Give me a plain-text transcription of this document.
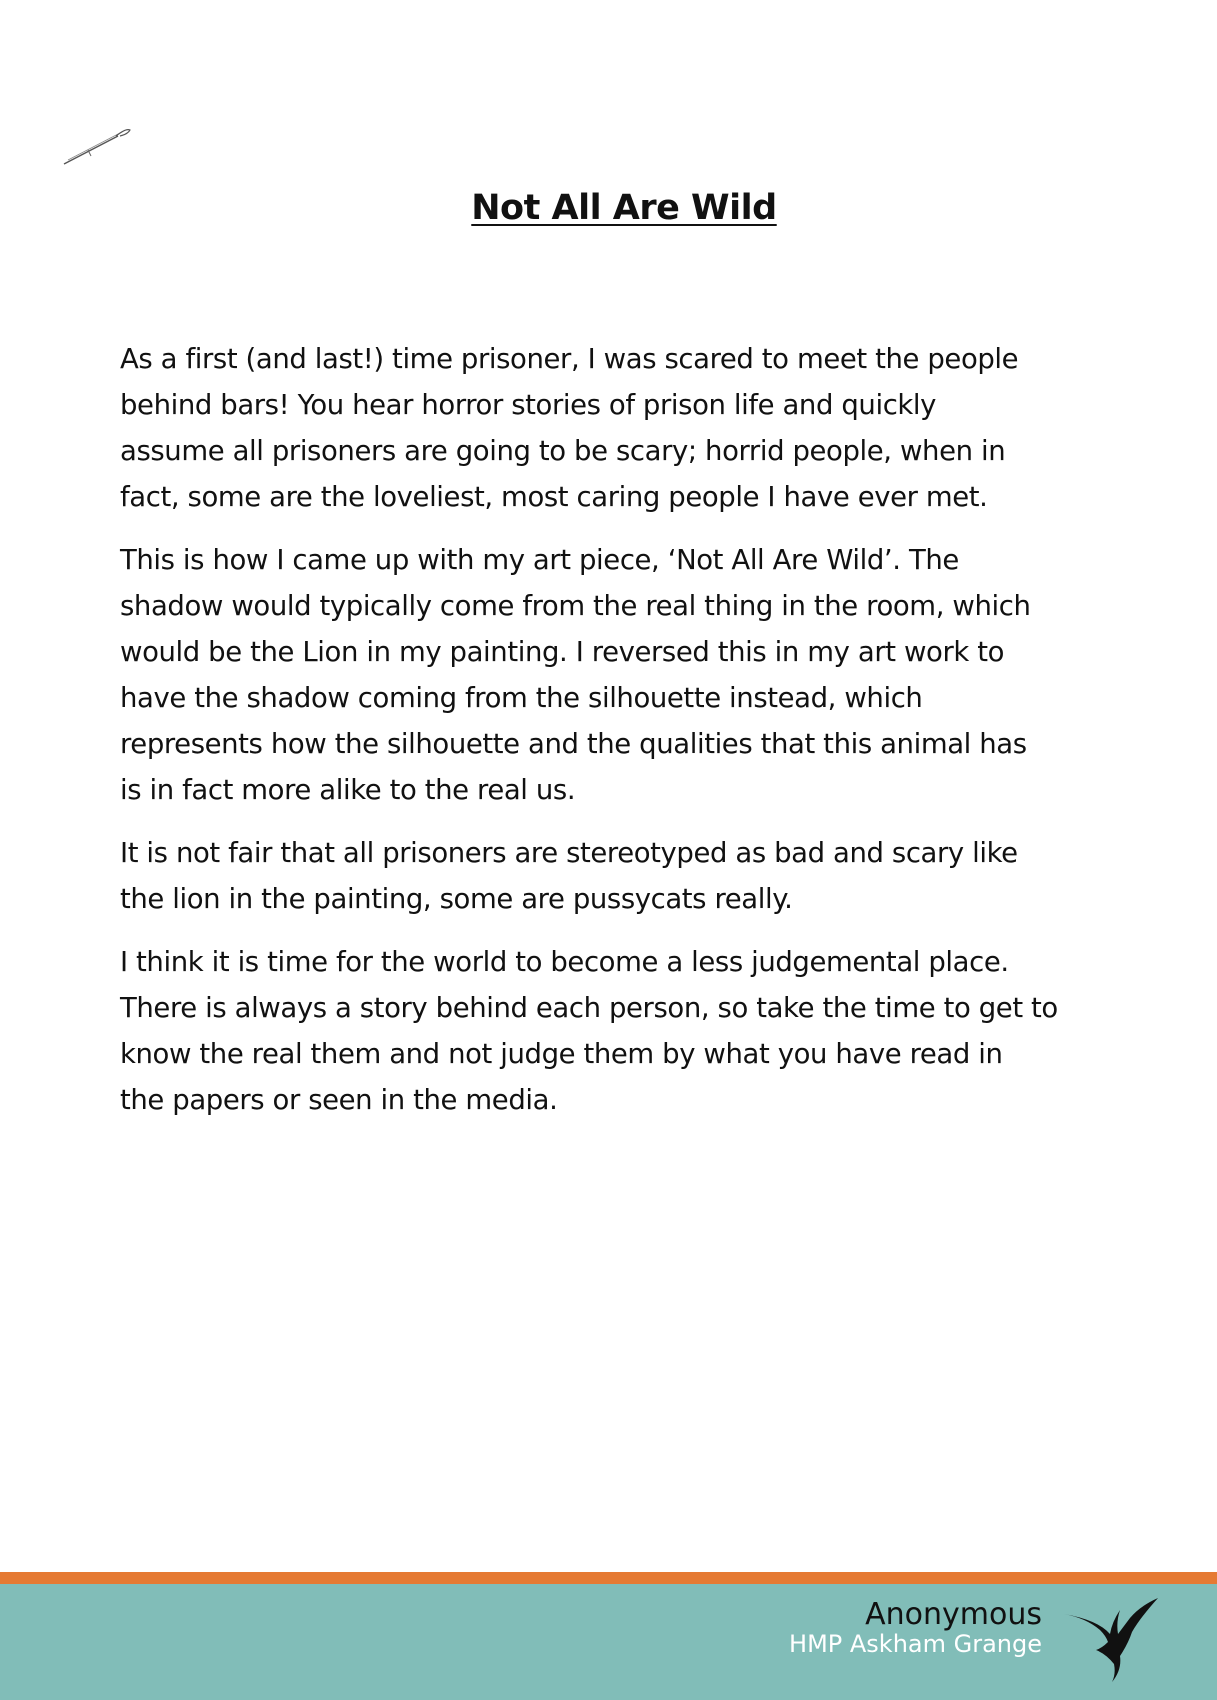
Not All Are Wild

As a first (and last!) time prisoner, I was scared to meet the people
behind bars! You hear horror stories of prison life and quickly
assume all prisoners are going to be scary; horrid people, when in
fact, some are the loveliest, most caring people I have ever met.

This is how I came up with my art piece, ‘Not All Are Wild’. The
shadow would typically come from the real thing in the room, which
would be the Lion in my painting. I reversed this in my art work to
have the shadow coming from the silhouette instead, which
represents how the silhouette and the qualities that this animal has
is in fact more alike to the real us.

It is not fair that all prisoners are stereotyped as bad and scary like
the lion in the painting, some are pussycats really.

I think it is time for the world to become a less judgemental place.
There is always a story behind each person, so take the time to get to
know the real them and not judge them by what you have read in
the papers or seen in the media.

Anonymous
HMP Askham Grange
